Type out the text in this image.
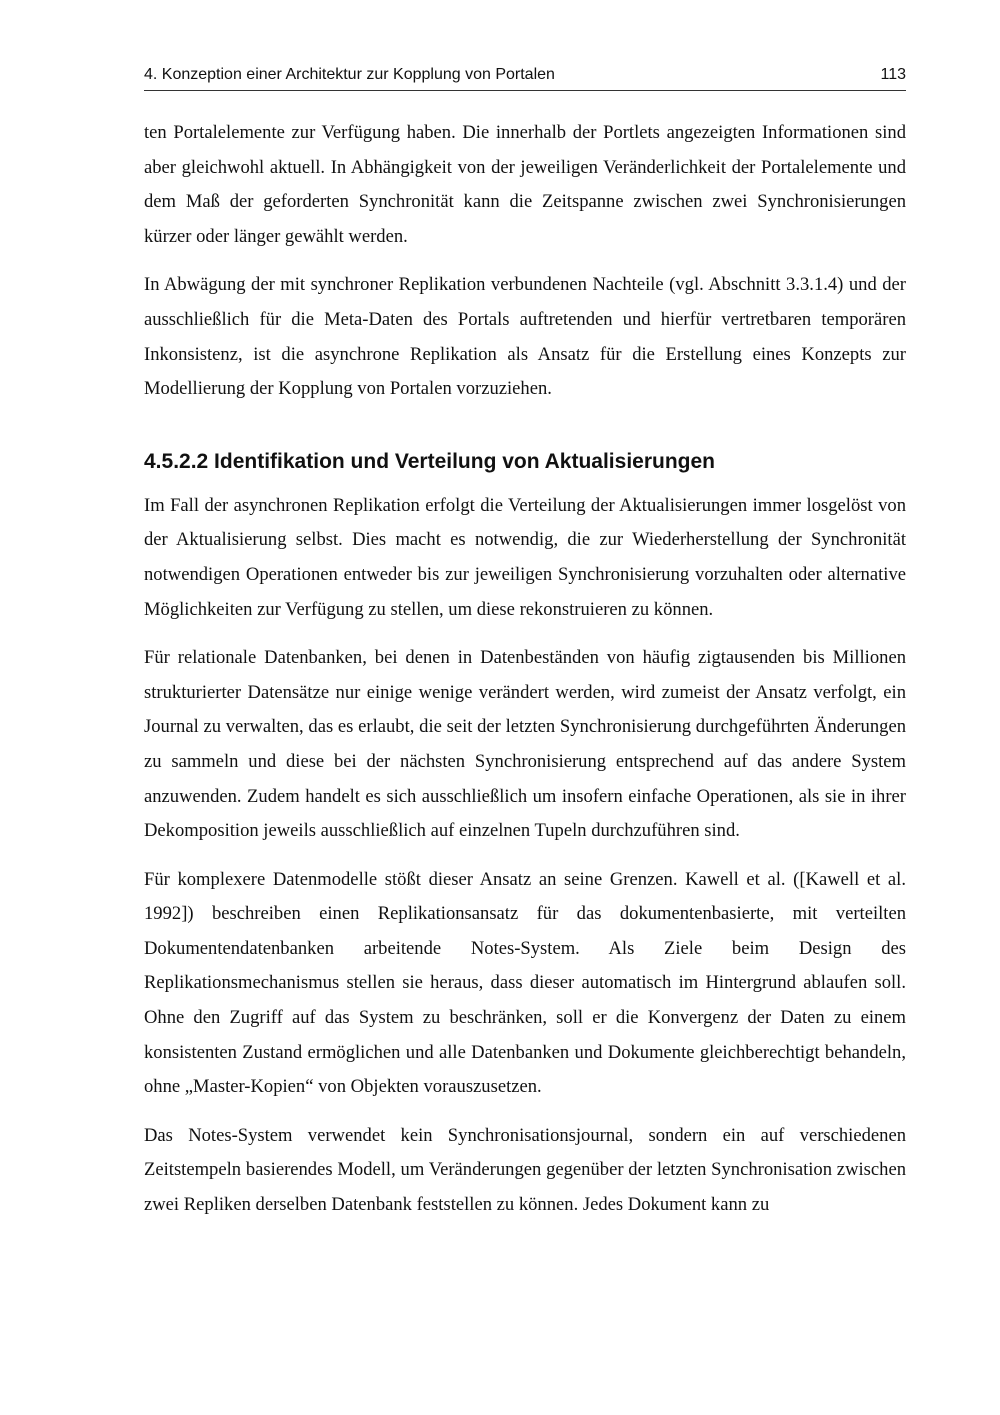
4. Konzeption einer Architektur zur Kopplung von Portalen	113

ten Portalelemente zur Verfügung haben. Die innerhalb der Portlets angezeigten Informationen sind aber gleichwohl aktuell. In Abhängigkeit von der jeweiligen Veränderlichkeit der Portalelemente und dem Maß der geforderten Synchronität kann die Zeitspanne zwischen zwei Synchronisierungen kürzer oder länger gewählt werden.

In Abwägung der mit synchroner Replikation verbundenen Nachteile (vgl. Abschnitt 3.3.1.4) und der ausschließlich für die Meta-Daten des Portals auftretenden und hierfür vertretbaren temporären Inkonsistenz, ist die asynchrone Replikation als Ansatz für die Erstellung eines Konzepts zur Modellierung der Kopplung von Portalen vorzuziehen.

4.5.2.2 Identifikation und Verteilung von Aktualisierungen

Im Fall der asynchronen Replikation erfolgt die Verteilung der Aktualisierungen immer losgelöst von der Aktualisierung selbst. Dies macht es notwendig, die zur Wiederherstellung der Synchronität notwendigen Operationen entweder bis zur jeweiligen Synchronisierung vorzuhalten oder alternative Möglichkeiten zur Verfügung zu stellen, um diese rekonstruieren zu können.

Für relationale Datenbanken, bei denen in Datenbeständen von häufig zigtausenden bis Millionen strukturierter Datensätze nur einige wenige verändert werden, wird zumeist der Ansatz verfolgt, ein Journal zu verwalten, das es erlaubt, die seit der letzten Synchronisierung durchgeführten Änderungen zu sammeln und diese bei der nächsten Synchronisierung entsprechend auf das andere System anzuwenden. Zudem handelt es sich ausschließlich um insofern einfache Operationen, als sie in ihrer Dekomposition jeweils ausschließlich auf einzelnen Tupeln durchzuführen sind.

Für komplexere Datenmodelle stößt dieser Ansatz an seine Grenzen. Kawell et al. ([Kawell et al. 1992]) beschreiben einen Replikationsansatz für das dokumentenbasierte, mit verteilten Dokumentendatenbanken arbeitende Notes-System. Als Ziele beim Design des Replikationsmechanismus stellen sie heraus, dass dieser automatisch im Hintergrund ablaufen soll. Ohne den Zugriff auf das System zu beschränken, soll er die Konvergenz der Daten zu einem konsistenten Zustand ermöglichen und alle Datenbanken und Dokumente gleichberechtigt behandeln, ohne „Master-Kopien“ von Objekten vorauszusetzen.

Das Notes-System verwendet kein Synchronisationsjournal, sondern ein auf verschiedenen Zeitstempeln basierendes Modell, um Veränderungen gegenüber der letzten Synchronisation zwischen zwei Repliken derselben Datenbank feststellen zu können. Jedes Dokument kann zu
